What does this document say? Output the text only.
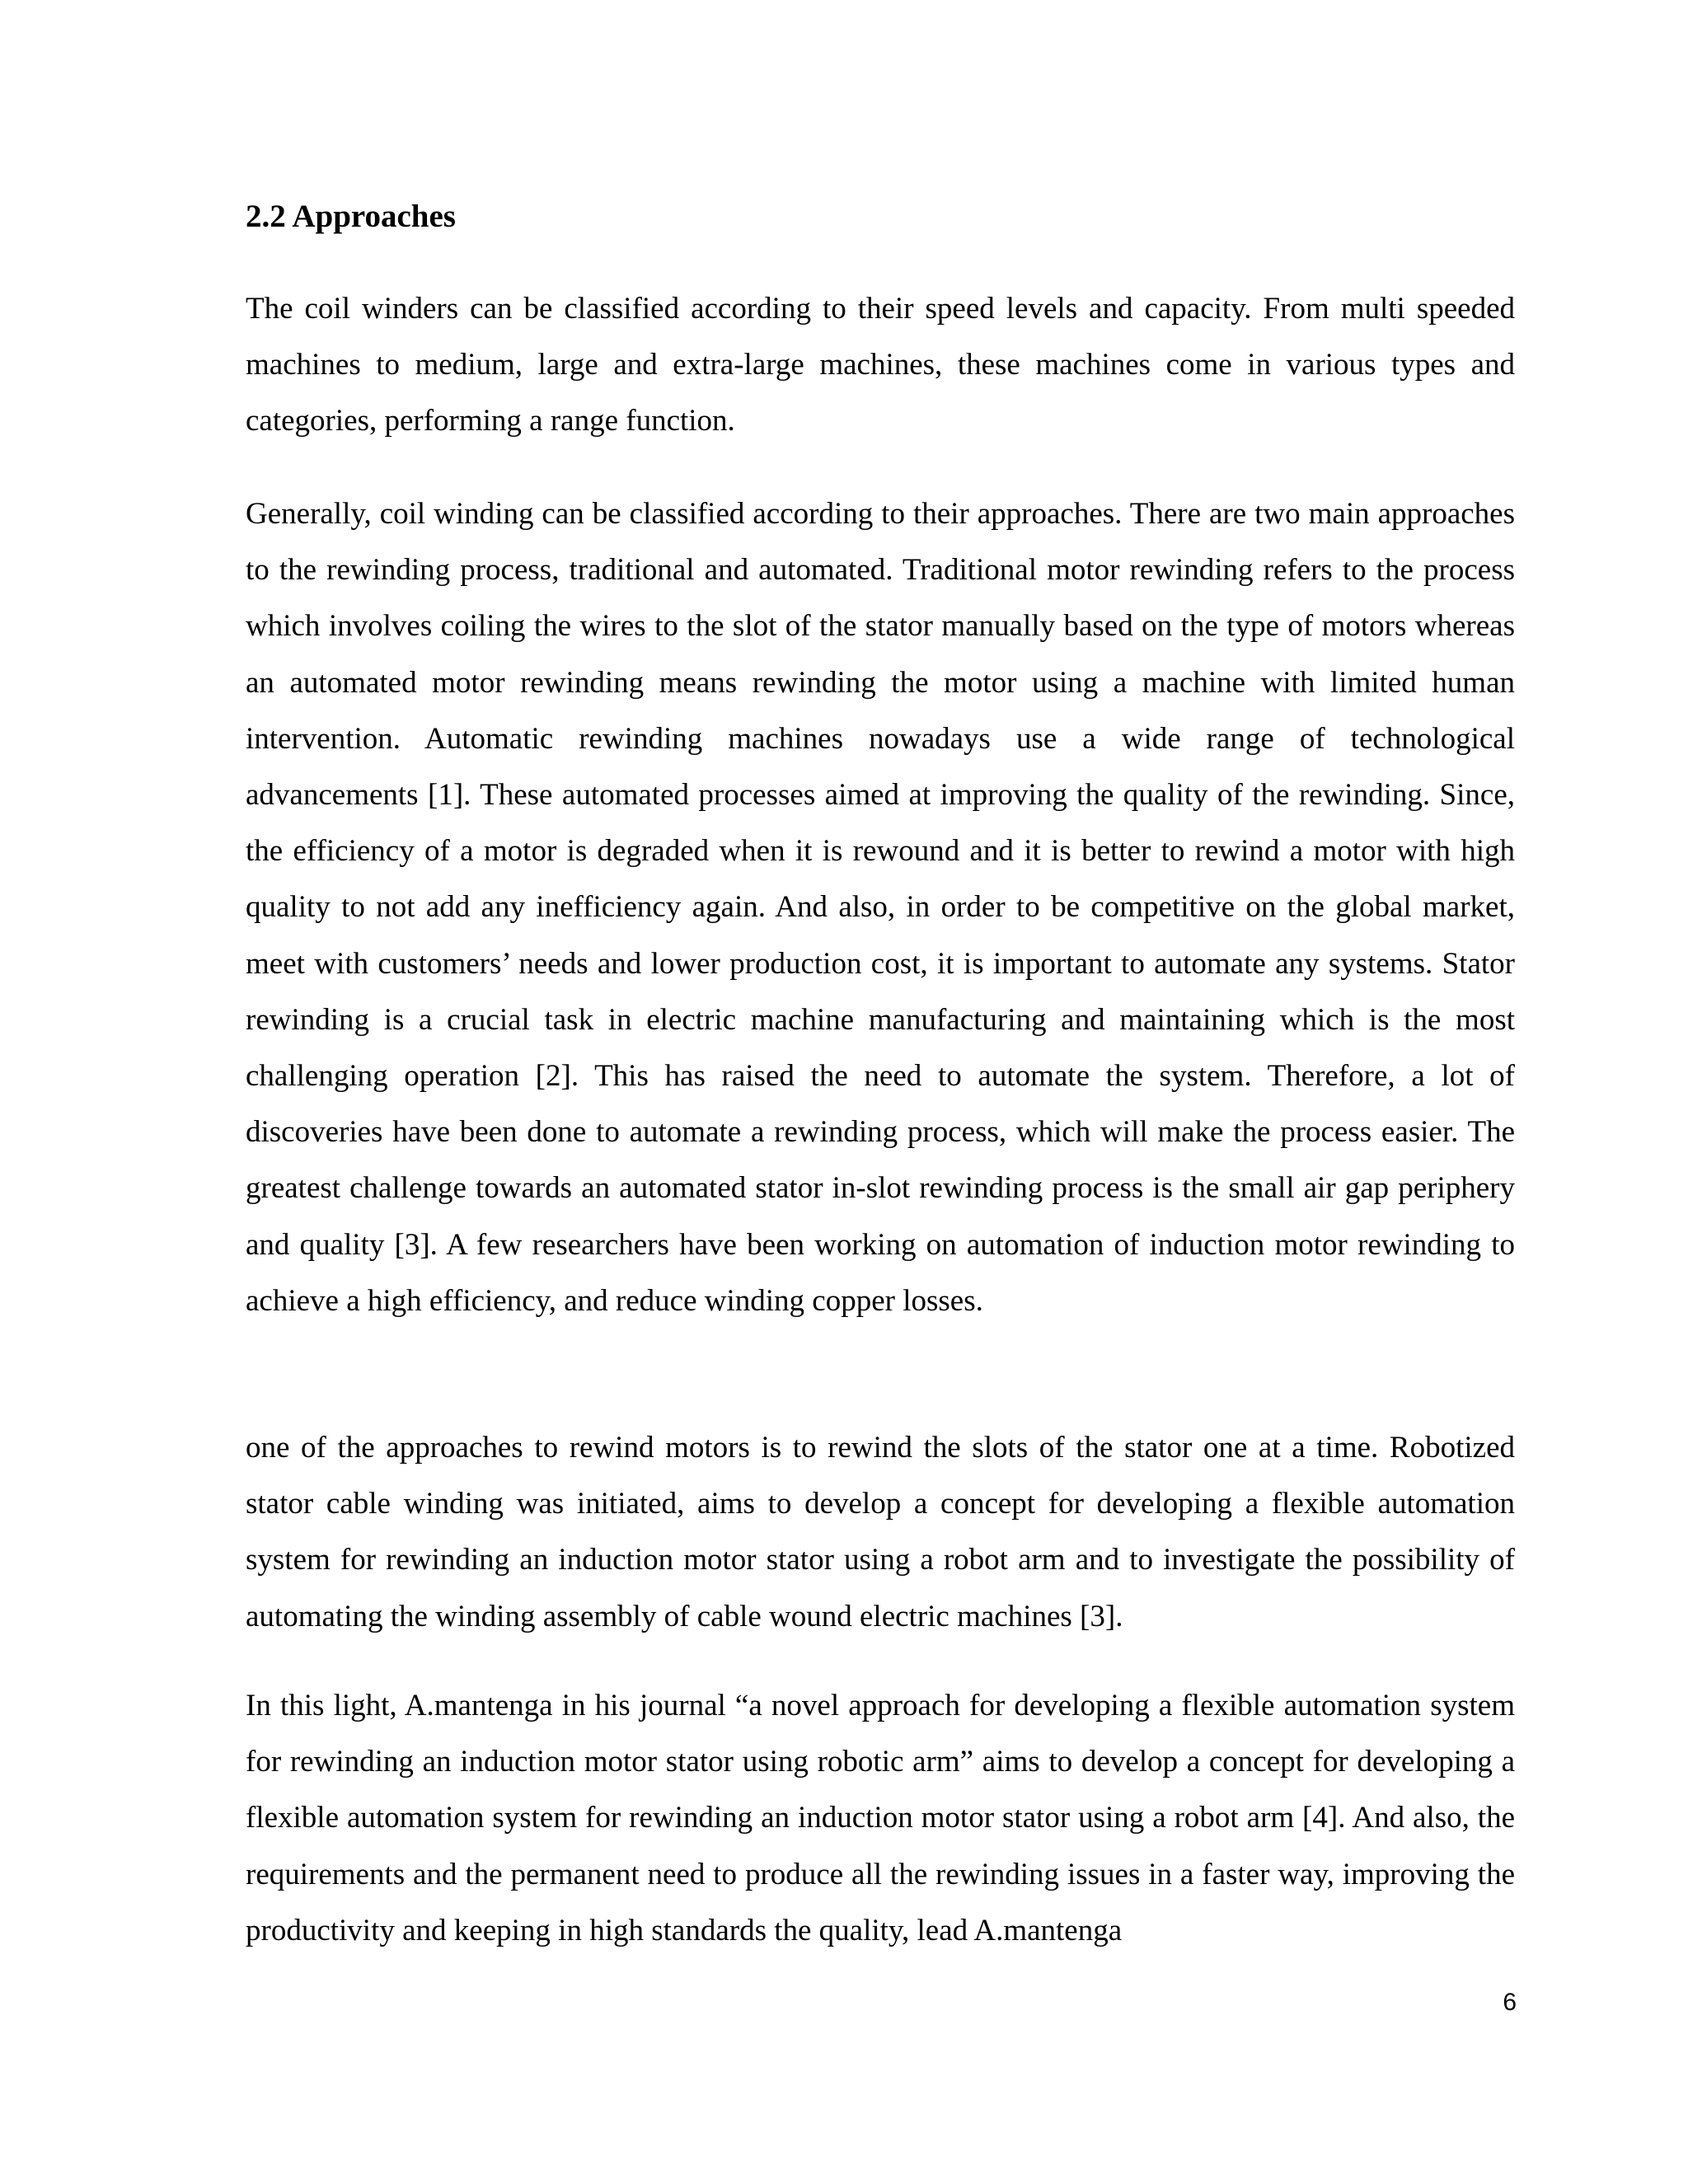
2.2 Approaches

The coil winders can be classified according to their speed levels and capacity. From multi speeded machines to medium, large and extra-large machines, these machines come in various types and categories, performing a range function.

Generally, coil winding can be classified according to their approaches. There are two main approaches to the rewinding process, traditional and automated. Traditional motor rewinding refers to the process which involves coiling the wires to the slot of the stator manually based on the type of motors whereas an automated motor rewinding means rewinding the motor using a machine with limited human intervention. Automatic rewinding machines nowadays use a wide range of technological advancements [1]. These automated processes aimed at improving the quality of the rewinding. Since, the efficiency of a motor is degraded when it is rewound and it is better to rewind a motor with high quality to not add any inefficiency again. And also, in order to be competitive on the global market, meet with customers’ needs and lower production cost, it is important to automate any systems. Stator rewinding is a crucial task in electric machine manufacturing and maintaining which is the most challenging operation [2]. This has raised the need to automate the system. Therefore, a lot of discoveries have been done to automate a rewinding process, which will make the process easier. The greatest challenge towards an automated stator in-slot rewinding process is the small air gap periphery and quality [3]. A few researchers have been working on automation of induction motor rewinding to achieve a high efficiency, and reduce winding copper losses.

one of the approaches to rewind motors is to rewind the slots of the stator one at a time. Robotized stator cable winding was initiated, aims to develop a concept for developing a flexible automation system for rewinding an induction motor stator using a robot arm and to investigate the possibility of automating the winding assembly of cable wound electric machines [3].

In this light, A.mantenga in his journal “a novel approach for developing a flexible automation system for rewinding an induction motor stator using robotic arm” aims to develop a concept for developing a flexible automation system for rewinding an induction motor stator using a robot arm [4]. And also, the requirements and the permanent need to produce all the rewinding issues in a faster way, improving the productivity and keeping in high standards the quality, lead A.mantenga

6
